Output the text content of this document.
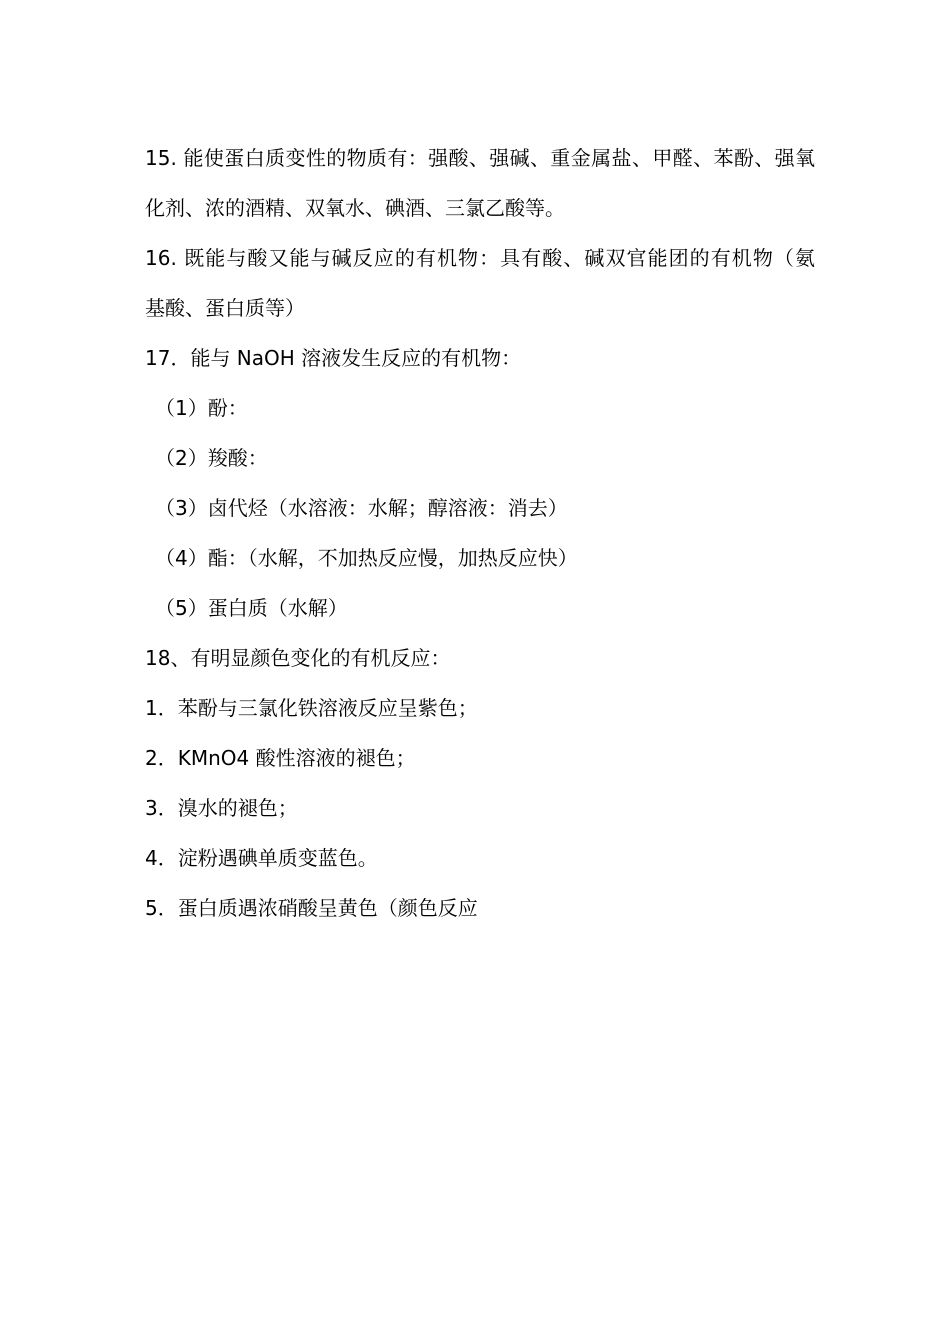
15. 能使蛋白质变性的物质有：强酸、强碱、重金属盐、甲醛、苯酚、强氧
化剂、浓的酒精、双氧水、碘酒、三氯乙酸等。
16. 既能与酸又能与碱反应的有机物：具有酸、碱双官能团的有机物（氨
基酸、蛋白质等）
17．能与 NaOH 溶液发生反应的有机物：
（1）酚：
（2）羧酸：
（3）卤代烃（水溶液：水解；醇溶液：消去）
（4）酯：（水解，不加热反应慢，加热反应快）
（5）蛋白质（水解）
18、有明显颜色变化的有机反应：
1．苯酚与三氯化铁溶液反应呈紫色；
2．KMnO4 酸性溶液的褪色；
3．溴水的褪色；
4．淀粉遇碘单质变蓝色。
5．蛋白质遇浓硝酸呈黄色（颜色反应
